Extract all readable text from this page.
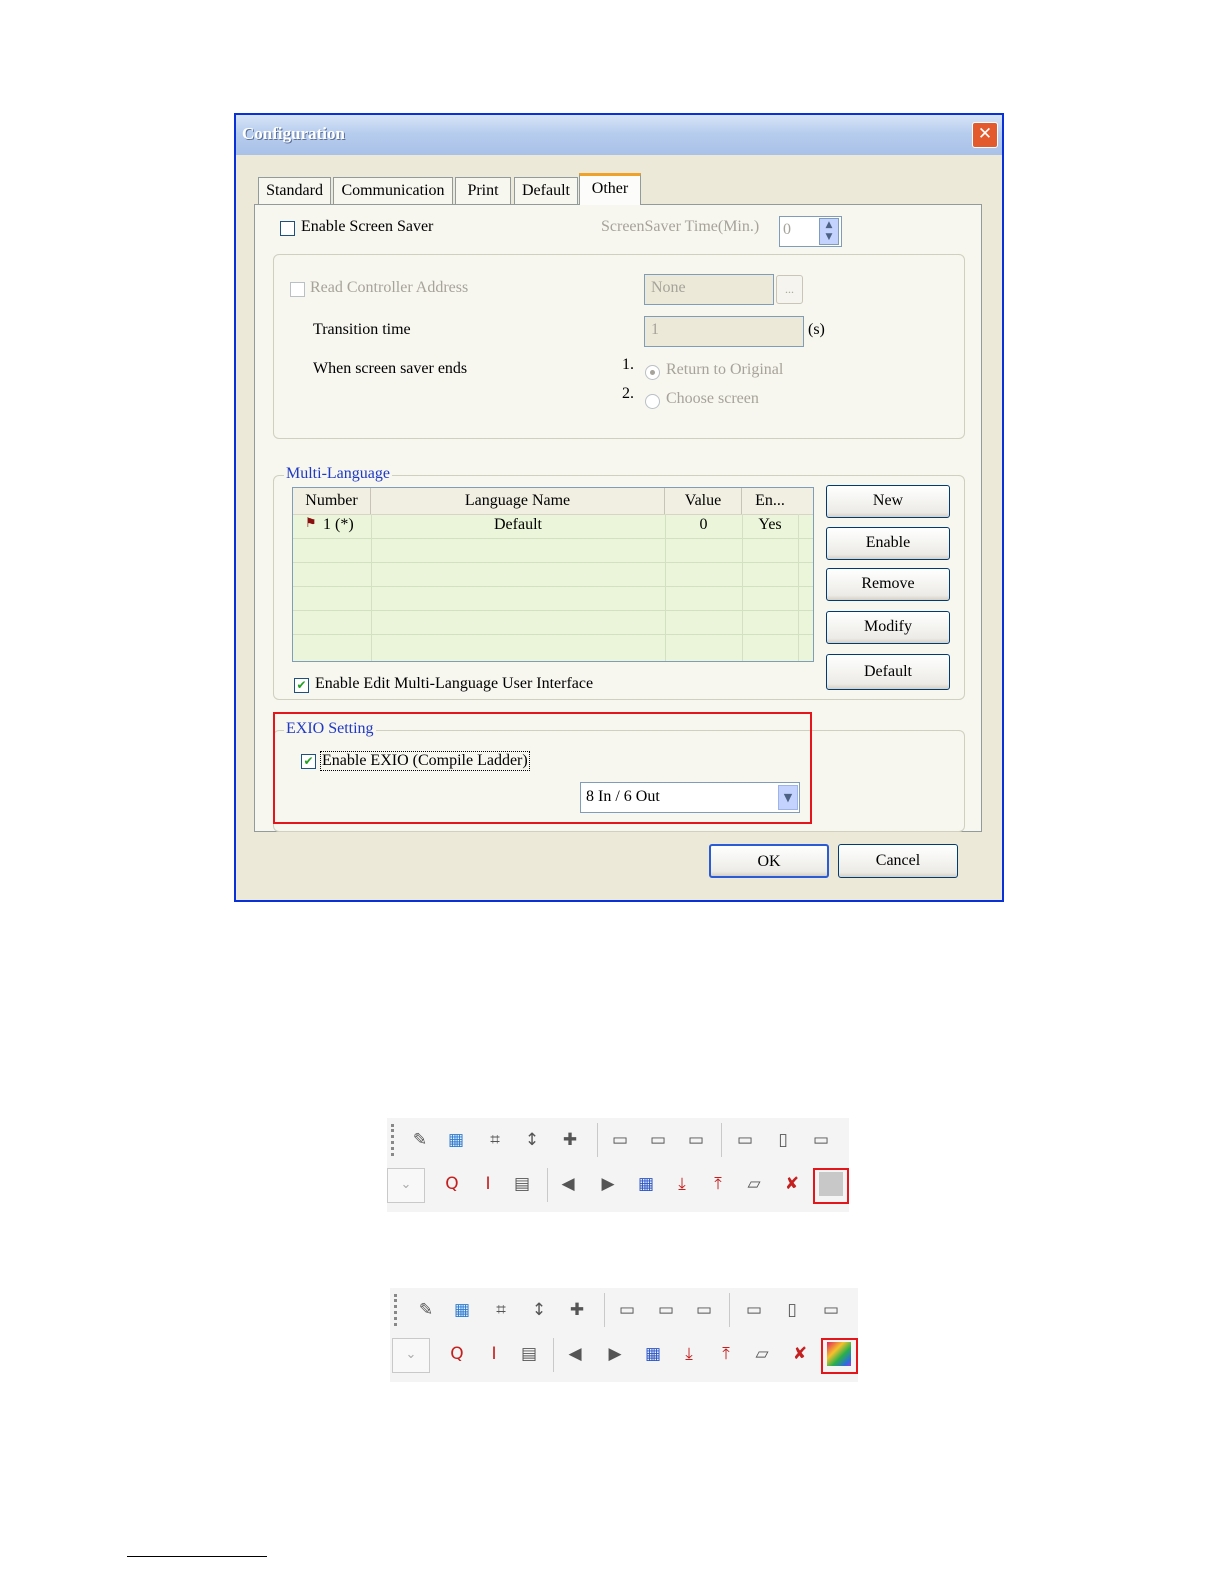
Configuration	✕
Standard	Communication	Print	Default	Other
Enable Screen Saver	ScreenSaver Time(Min.) 0	▲
▼
Read Controller Address	None	...
Transition time	1	(s)
When screen saver ends	1. Return to Original
2. Choose screen
Multi-Language
Number	Language Name	Value	En...
⚑ 1 (*)	Default	0	Yes
New
Enable
Remove
Modify
Default
✔ Enable Edit Multi-Language User Interface
EXIO Setting
✔ Enable EXIO (Compile Ladder)
8 In / 6 Out	▼
OK	Cancel
✎ ▦	⌗	↕ ✚ ▭ ▭ ▭ ▭	▯	▭
⌄	Q	I	▤ ◀ ▶ ▦	⤓	⤒	▱ ✘
✎ ▦	⌗	↕ ✚ ▭ ▭ ▭ ▭	▯	▭
⌄	Q	I	▤ ◀ ▶ ▦	⤓	⤒	▱ ✘
